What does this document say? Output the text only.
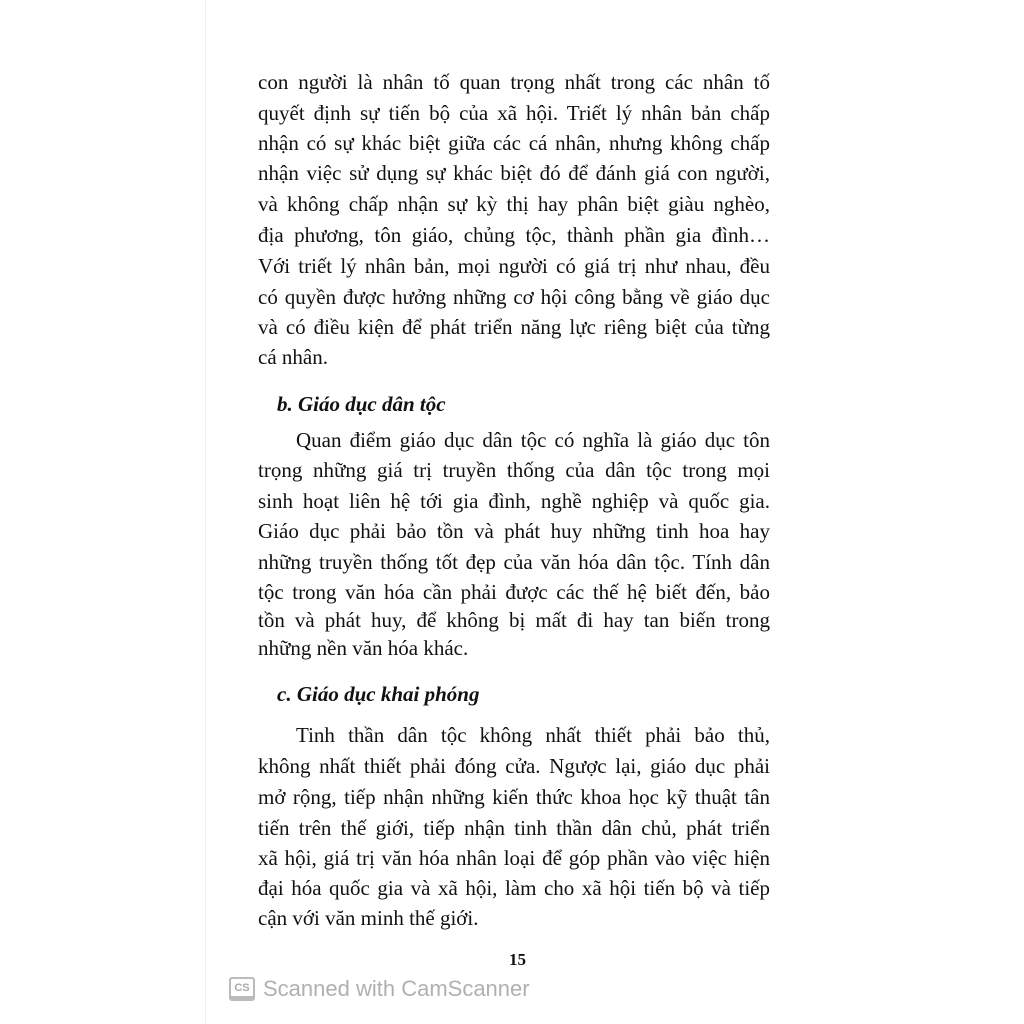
con người là nhân tố quan trọng nhất trong các nhân tố
quyết định sự tiến bộ của xã hội. Triết lý nhân bản chấp
nhận có sự khác biệt giữa các cá nhân, nhưng không chấp
nhận việc sử dụng sự khác biệt đó để đánh giá con người,
và không chấp nhận sự kỳ thị hay phân biệt giàu nghèo,
địa phương, tôn giáo, chủng tộc, thành phần gia đình…
Với triết lý nhân bản, mọi người có giá trị như nhau, đều
có quyền được hưởng những cơ hội công bằng về giáo dục
và có điều kiện để phát triển năng lực riêng biệt của từng
cá nhân.
b. Giáo dục dân tộc
Quan điểm giáo dục dân tộc có nghĩa là giáo dục tôn
trọng những giá trị truyền thống của dân tộc trong mọi
sinh hoạt liên hệ tới gia đình, nghề nghiệp và quốc gia.
Giáo dục phải bảo tồn và phát huy những tinh hoa hay
những truyền thống tốt đẹp của văn hóa dân tộc. Tính dân
tộc trong văn hóa cần phải được các thế hệ biết đến, bảo
tồn và phát huy, để không bị mất đi hay tan biến trong
những nền văn hóa khác.
c. Giáo dục khai phóng
Tinh thần dân tộc không nhất thiết phải bảo thủ,
không nhất thiết phải đóng cửa. Ngược lại, giáo dục phải
mở rộng, tiếp nhận những kiến thức khoa học kỹ thuật tân
tiến trên thế giới, tiếp nhận tinh thần dân chủ, phát triển
xã hội, giá trị văn hóa nhân loại để góp phần vào việc hiện
đại hóa quốc gia và xã hội, làm cho xã hội tiến bộ và tiếp
cận với văn minh thế giới.
15
CS Scanned with CamScanner
